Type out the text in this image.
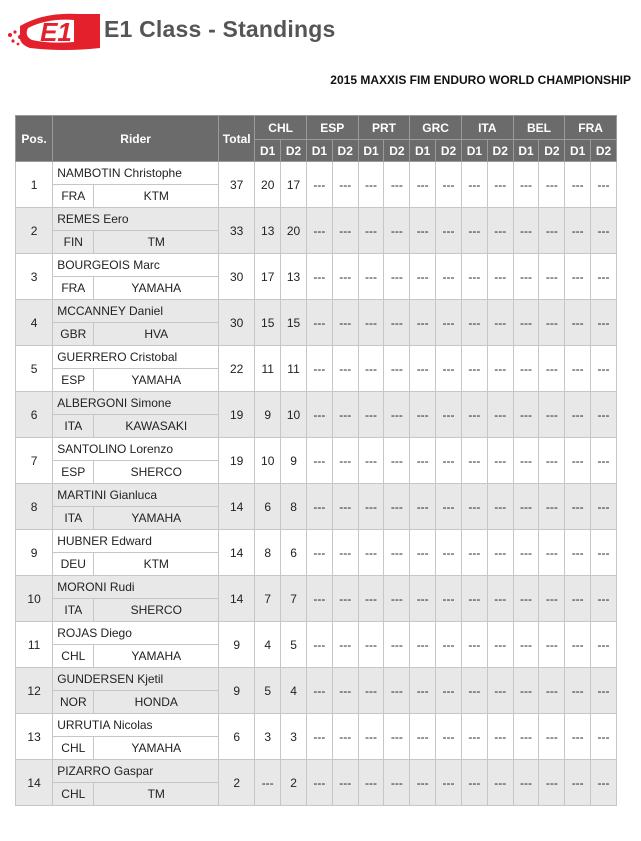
E1 E1 Class - Standings
2015 MAXXIS FIM ENDURO WORLD CHAMPIONSHIP
Pos.	Rider		Total	CHL		ESP		PRT		GRC		ITA		BEL		FRA	
				D1	D2	D1	D2	D1	D2	D1	D2	D1	D2	D1	D2	D1	D2
1	NAMBOTIN Christophe		37	20	17	---	---	---	---	---	---	---	---	---	---	---	---
	FRA	KTM															
2	REMES Eero		33	13	20	---	---	---	---	---	---	---	---	---	---	---	---
	FIN	TM															
3	BOURGEOIS Marc		30	17	13	---	---	---	---	---	---	---	---	---	---	---	---
	FRA	YAMAHA															
4	MCCANNEY Daniel		30	15	15	---	---	---	---	---	---	---	---	---	---	---	---
	GBR	HVA															
5	GUERRERO Cristobal		22	11	11	---	---	---	---	---	---	---	---	---	---	---	---
	ESP	YAMAHA															
6	ALBERGONI Simone		19	9	10	---	---	---	---	---	---	---	---	---	---	---	---
	ITA	KAWASAKI															
7	SANTOLINO Lorenzo		19	10	9	---	---	---	---	---	---	---	---	---	---	---	---
	ESP	SHERCO															
8	MARTINI Gianluca		14	6	8	---	---	---	---	---	---	---	---	---	---	---	---
	ITA	YAMAHA															
9	HUBNER Edward		14	8	6	---	---	---	---	---	---	---	---	---	---	---	---
	DEU	KTM															
10	MORONI Rudi		14	7	7	---	---	---	---	---	---	---	---	---	---	---	---
	ITA	SHERCO															
11	ROJAS Diego		9	4	5	---	---	---	---	---	---	---	---	---	---	---	---
	CHL	YAMAHA															
12	GUNDERSEN Kjetil		9	5	4	---	---	---	---	---	---	---	---	---	---	---	---
	NOR	HONDA															
13	URRUTIA Nicolas		6	3	3	---	---	---	---	---	---	---	---	---	---	---	---
	CHL	YAMAHA															
14	PIZARRO Gaspar		2	---	2	---	---	---	---	---	---	---	---	---	---	---	---
	CHL	TM															
